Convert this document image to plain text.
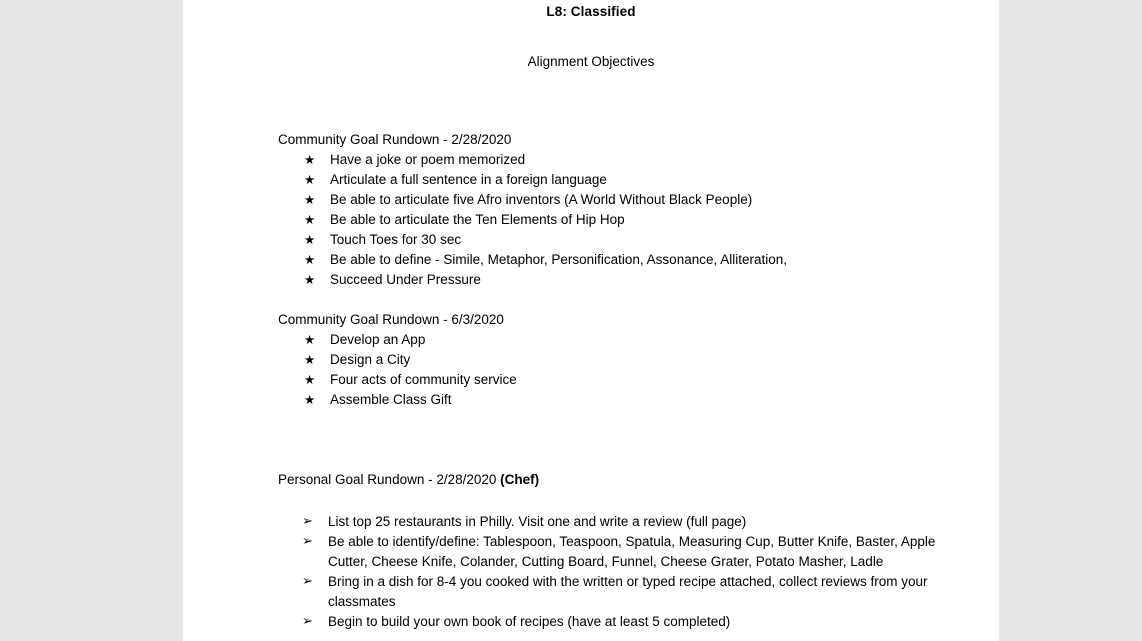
L8: Classified
Alignment Objectives

Community Goal Rundown - 2/28/2020

★ Have a joke or poem memorized
★ Articulate a full sentence in a foreign language
★ Be able to articulate five Afro inventors (A World Without Black People)
★ Be able to articulate the Ten Elements of Hip Hop
★ Touch Toes for 30 sec
★ Be able to define - Simile, Metaphor, Personification, Assonance, Alliteration,
★ Succeed Under Pressure

Community Goal Rundown - 6/3/2020

★ Develop an App
★ Design a City
★ Four acts of community service
★ Assemble Class Gift

Personal Goal Rundown - 2/28/2020 (Chef)

➢ List top 25 restaurants in Philly. Visit one and write a review (full page)
➢ Be able to identify/define: Tablespoon, Teaspoon, Spatula, Measuring Cup, Butter Knife, Baster, Apple Cutter, Cheese Knife, Colander, Cutting Board, Funnel, Cheese Grater, Potato Masher, Ladle
➢ Bring in a dish for 8-4 you cooked with the written or typed recipe attached, collect reviews from your classmates
➢ Begin to build your own book of recipes (have at least 5 completed)
